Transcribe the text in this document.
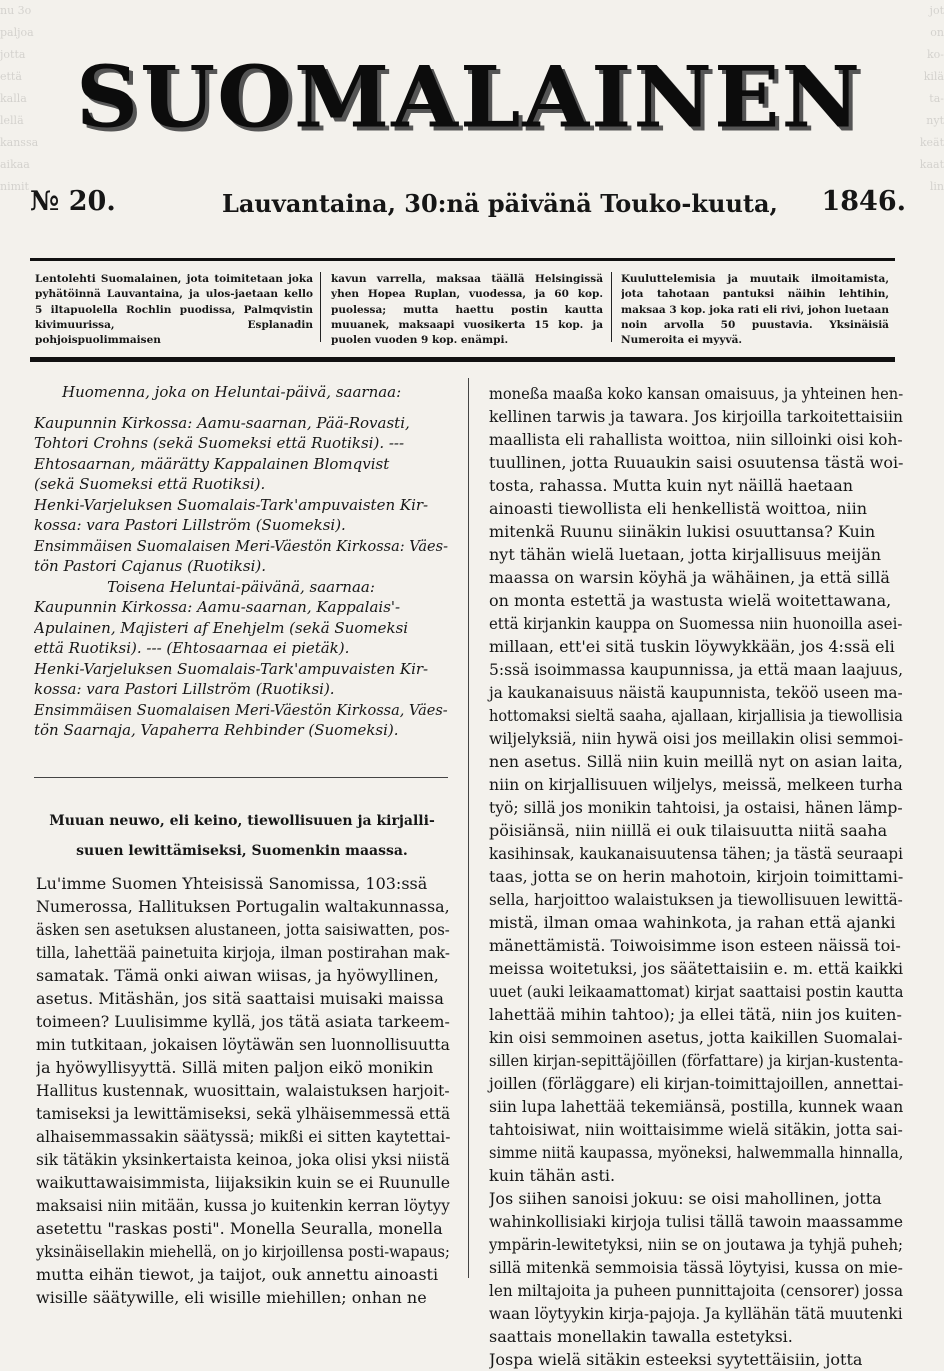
nu 3o

paljoa

jotta

että

kalla

lellä

kanssa

aikaa

nimit

jot

on

ko-

kilä

ta-

nyt

keät

kaat

lin

SUOMALAINEN
№ 20.	Lauvantaina, 30:nä päivänä Touko-kuuta, 1846.
Lentolehti Suomalainen, jota toimitetaan joka pyhätöinnä Lauvantaina, ja ulos-jaetaan kello 5 iltapuolella Rochlin puodissa, Palmqvistin kivimuurissa, Esplanadin pohjoispuolimmaisen
kavun varrella, maksaa täällä Helsingissä yhen Hopea Ruplan, vuodessa, ja 60 kop. puolessa; mutta haettu postin kautta muuanek, maksaapi vuosikerta 15 kop. ja puolen vuoden 9 kop. enämpi.
Kuuluttelemisia ja muutaik ilmoitamista, jota tahotaan pantuksi näihin lehtihin, maksaa 3 kop. joka rati eli rivi, johon luetaan noin arvolla 50 puustavia. Yksinäisiä Numeroita ei myyvä.

Huomenna, joka on Heluntai-päivä, saarnaa:

Kaupunnin Kirkossa: Aamu-saarnan, Pää-Rovasti,

Tohtori Crohns (sekä Suomeksi että Ruotiksi). ---

Ehtosaarnan, määrätty Kappalainen Blomqvist

(sekä Suomeksi että Ruotiksi).

Henki-Varjeluksen Suomalais-Tark'ampuvaisten Kir-

kossa: vara Pastori Lillström (Suomeksi).

Ensimmäisen Suomalaisen Meri-Väestön Kirkossa: Väes-

tön Pastori Cajanus (Ruotiksi).

Toisena Heluntai-päivänä, saarnaa:

Kaupunnin Kirkossa: Aamu-saarnan, Kappalais'-

Apulainen, Majisteri af Enehjelm (sekä Suomeksi

että Ruotiksi). --- (Ehtosaarnaa ei pietäk).

Henki-Varjeluksen Suomalais-Tark'ampuvaisten Kir-

kossa: vara Pastori Lillström (Ruotiksi).

Ensimmäisen Suomalaisen Meri-Väestön Kirkossa, Väes-

tön Saarnaja, Vapaherra Rehbinder (Suomeksi).

Muuan neuwo, eli keino, tiewollisuuen ja kirjalli-

suuen lewittämiseksi, Suomenkin maassa.

Lu'imme Suomen Yhteisissä Sanomissa, 103:ssä

Numerossa, Hallituksen Portugalin waltakunnassa,

äsken sen asetuksen alustaneen, jotta saisiwatten, pos-

tilla, lahettää painetuita kirjoja, ilman postirahan mak-

samatak. Tämä onki aiwan wiisas, ja hyöwyllinen,

asetus. Mitäshän, jos sitä saattaisi muisaki maissa

toimeen? Luulisimme kyllä, jos tätä asiata tarkeem-

min tutkitaan, jokaisen löytäwän sen luonnollisuutta

ja hyöwyllisyyttä. Sillä miten paljon eikö monikin

Hallitus kustennak, wuosittain, walaistuksen harjoit-

tamiseksi ja lewittämiseksi, sekä ylhäisemmessä että

alhaisemmassakin säätyssä; mikßi ei sitten kaytettai-

sik tätäkin yksinkertaista keinoa, joka olisi yksi niistä

waikuttawaisimmista, liijaksikin kuin se ei Ruunulle

maksaisi niin mitään, kussa jo kuitenkin kerran löytyy

asetettu "raskas posti". Monella Seuralla, monella

yksinäisellakin miehellä, on jo kirjoillensa posti-wapaus;

mutta eihän tiewot, ja taijot, ouk annettu ainoasti

wisille säätywille, eli wisille miehillen; onhan ne

moneßa maaßa koko kansan omaisuus, ja yhteinen hen-

kellinen tarwis ja tawara. Jos kirjoilla tarkoitettaisiin

maallista eli rahallista woittoa, niin silloinki oisi koh-

tuullinen, jotta Ruuaukin saisi osuutensa tästä woi-

tosta, rahassa. Mutta kuin nyt näillä haetaan

ainoasti tiewollista eli henkellistä woittoa, niin

mitenkä Ruunu siinäkin lukisi osuuttansa? Kuin

nyt tähän wielä luetaan, jotta kirjallisuus meijän

maassa on warsin köyhä ja wähäinen, ja että sillä

on monta estettä ja wastusta wielä woitettawana,

että kirjankin kauppa on Suomessa niin huonoilla asei-

millaan, ett'ei sitä tuskin löywykkään, jos 4:ssä eli

5:ssä isoimmassa kaupunnissa, ja että maan laajuus,

ja kaukanaisuus näistä kaupunnista, teköö useen ma-

hottomaksi sieltä saaha, ajallaan, kirjallisia ja tiewollisia

wiljelyksiä, niin hywä oisi jos meillakin olisi semmoi-

nen asetus. Sillä niin kuin meillä nyt on asian laita,

niin on kirjallisuuen wiljelys, meissä, melkeen turha

työ; sillä jos monikin tahtoisi, ja ostaisi, hänen lämp-

pöisiänsä, niin niillä ei ouk tilaisuutta niitä saaha

kasihinsak, kaukanaisuutensa tähen; ja tästä seuraapi

taas, jotta se on herin mahotoin, kirjoin toimittami-

sella, harjoittoo walaistuksen ja tiewollisuuen lewittä-

mistä, ilman omaa wahinkota, ja rahan että ajanki

mänettämistä. Toiwoisimme ison esteen näissä toi-

meissa woitetuksi, jos säätettaisiin e. m. että kaikki

uuet (auki leikaamattomat) kirjat saattaisi postin kautta

lahettää mihin tahtoo); ja ellei tätä, niin jos kuiten-

kin oisi semmoinen asetus, jotta kaikillen Suomalai-

sillen kirjan-sepittäjöillen (författare) ja kirjan-kustenta-

joillen (förläggare) eli kirjan-toimittajoillen, annettai-

siin lupa lahettää tekemiänsä, postilla, kunnek waan

tahtoisiwat, niin woittaisimme wielä sitäkin, jotta sai-

simme niitä kaupassa, myöneksi, halwemmalla hinnalla,

kuin tähän asti.

Jos siihen sanoisi jokuu: se oisi mahollinen, jotta

wahinkollisiaki kirjoja tulisi tällä tawoin maassamme

ympärin-lewitetyksi, niin se on joutawa ja tyhjä puheh;

sillä mitenkä semmoisia tässä löytyisi, kussa on mie-

len miltajoita ja puheen punnittajoita (censorer) jossa

waan löytyykin kirja-pajoja. Ja kyllähän tätä muutenki

saattais monellakin tawalla estetyksi.

Jospa wielä sitäkin esteeksi syytettäisiin, jotta
